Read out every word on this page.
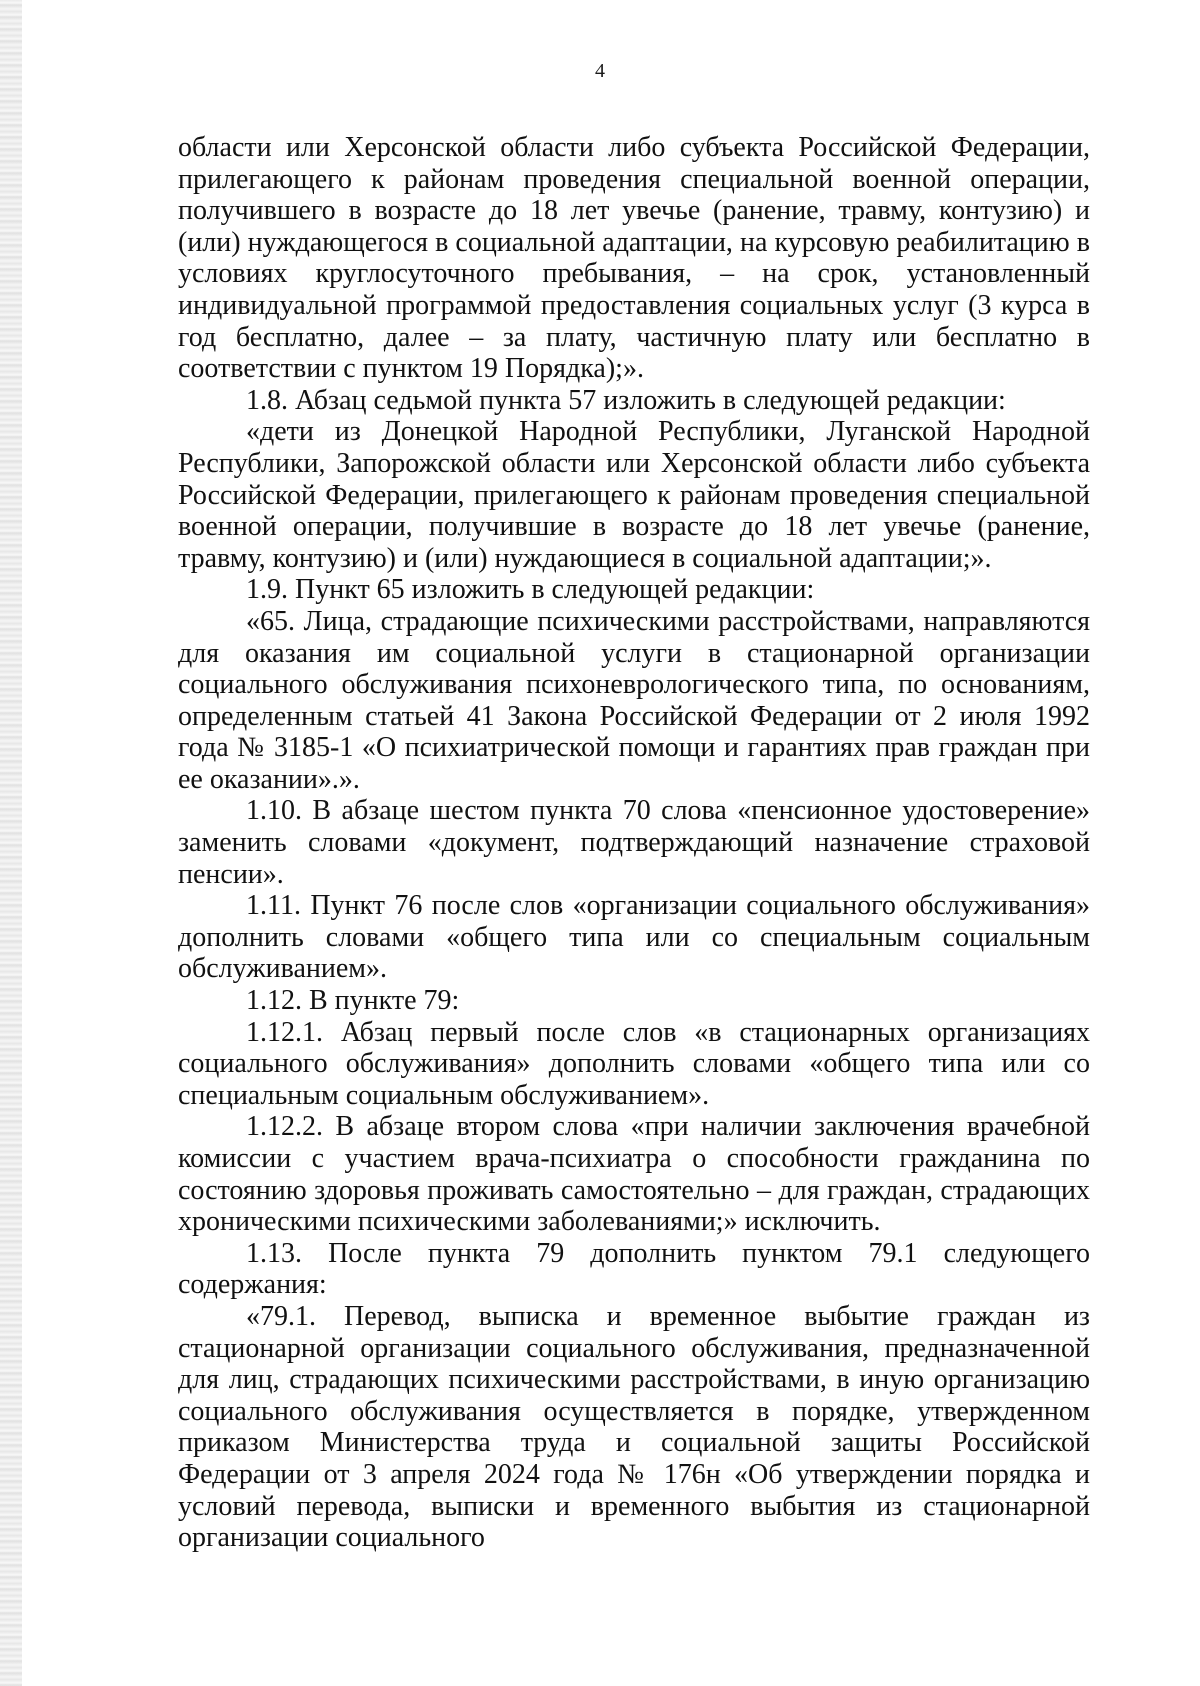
4

области или Херсонской области либо субъекта Российской Федерации, прилегающего к районам проведения специальной военной операции, получившего в возрасте до 18 лет увечье (ранение, травму, контузию) и (или) нуждающегося в социальной адаптации, на курсовую реабилитацию в условиях круглосуточного пребывания, – на срок, установленный индивидуальной программой предоставления социальных услуг (3 курса в год бесплатно, далее – за плату, частичную плату или бесплатно в соответствии с пунктом 19 Порядка);».

1.8. Абзац седьмой пункта 57 изложить в следующей редакции:

«дети из Донецкой Народной Республики, Луганской Народной Республики, Запорожской области или Херсонской области либо субъекта Российской Федерации, прилегающего к районам проведения специальной военной операции, получившие в возрасте до 18 лет увечье (ранение, травму, контузию) и (или) нуждающиеся в социальной адаптации;».

1.9. Пункт 65 изложить в следующей редакции:

«65. Лица, страдающие психическими расстройствами, направляются для оказания им социальной услуги в стационарной организации социального обслуживания психоневрологического типа, по основаниям, определенным статьей 41 Закона Российской Федерации от 2 июля 1992 года № 3185-1 «О психиатрической помощи и гарантиях прав граждан при ее оказании».».

1.10. В абзаце шестом пункта 70 слова «пенсионное удостоверение» заменить словами «документ, подтверждающий назначение страховой пенсии».

1.11. Пункт 76 после слов «организации социального обслуживания» дополнить словами «общего типа или со специальным социальным обслуживанием».

1.12. В пункте 79:

1.12.1. Абзац первый после слов «в стационарных организациях социального обслуживания» дополнить словами «общего типа или со специальным социальным обслуживанием».

1.12.2. В абзаце втором слова «при наличии заключения врачебной комиссии с участием врача-психиатра о способности гражданина по состоянию здоровья проживать самостоятельно – для граждан, страдающих хроническими психическими заболеваниями;» исключить.

1.13. После пункта 79 дополнить пунктом 79.1 следующего содержания:

«79.1. Перевод, выписка и временное выбытие граждан из стационарной организации социального обслуживания, предназначенной для лиц, страдающих психическими расстройствами, в иную организацию социального обслуживания осуществляется в порядке, утвержденном приказом Министерства труда и социальной защиты Российской Федерации от 3 апреля 2024 года № 176н «Об утверждении порядка и условий перевода, выписки и временного выбытия из стационарной организации социального
